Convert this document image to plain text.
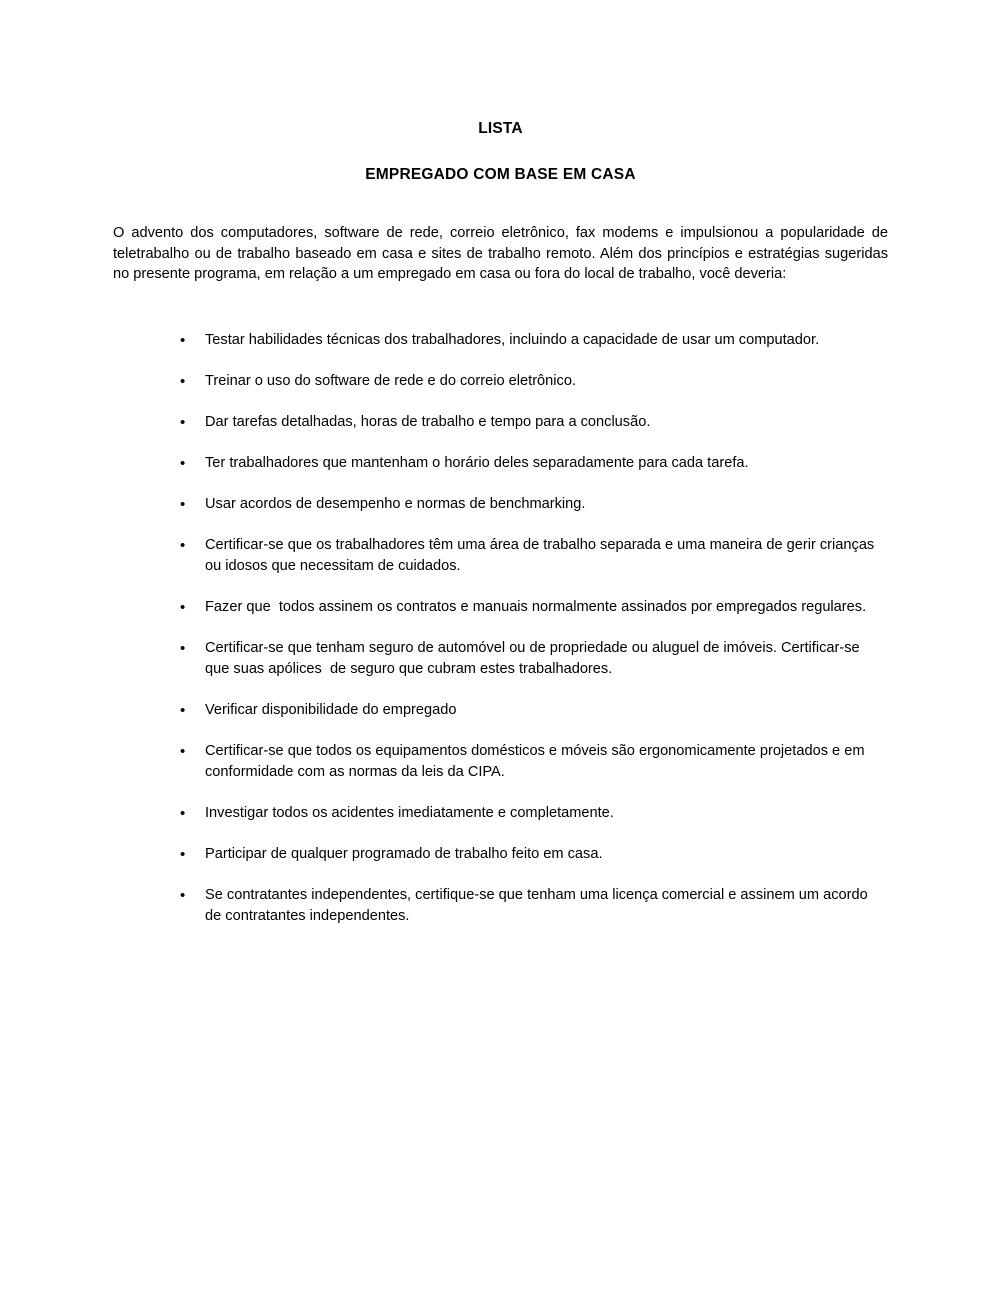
LISTA
EMPREGADO COM BASE EM CASA

O advento dos computadores, software de rede, correio eletrônico, fax modems e impulsionou a popularidade de teletrabalho ou de trabalho baseado em casa e sites de trabalho remoto. Além dos princípios e estratégias sugeridas no presente programa, em relação a um empregado em casa ou fora do local de trabalho, você deveria:

•	Testar habilidades técnicas dos trabalhadores, incluindo a capacidade de usar um computador.
•	Treinar o uso do software de rede e do correio eletrônico.
•	Dar tarefas detalhadas, horas de trabalho e tempo para a conclusão.
•	Ter trabalhadores que mantenham o horário deles separadamente para cada tarefa.
•	Usar acordos de desempenho e normas de benchmarking.
•	Certificar-se que os trabalhadores têm uma área de trabalho separada e uma maneira de gerir crianças ou idosos que necessitam de cuidados.
•	Fazer que  todos assinem os contratos e manuais normalmente assinados por empregados regulares.
•	Certificar-se que tenham seguro de automóvel ou de propriedade ou aluguel de imóveis. Certificar-se que suas apólices  de seguro que cubram estes trabalhadores.
•	Verificar disponibilidade do empregado
•	Certificar-se que todos os equipamentos domésticos e móveis são ergonomicamente projetados e em conformidade com as normas da leis da CIPA.
•	Investigar todos os acidentes imediatamente e completamente.
•	Participar de qualquer programado de trabalho feito em casa.
•	Se contratantes independentes, certifique-se que tenham uma licença comercial e assinem um acordo de contratantes independentes.
